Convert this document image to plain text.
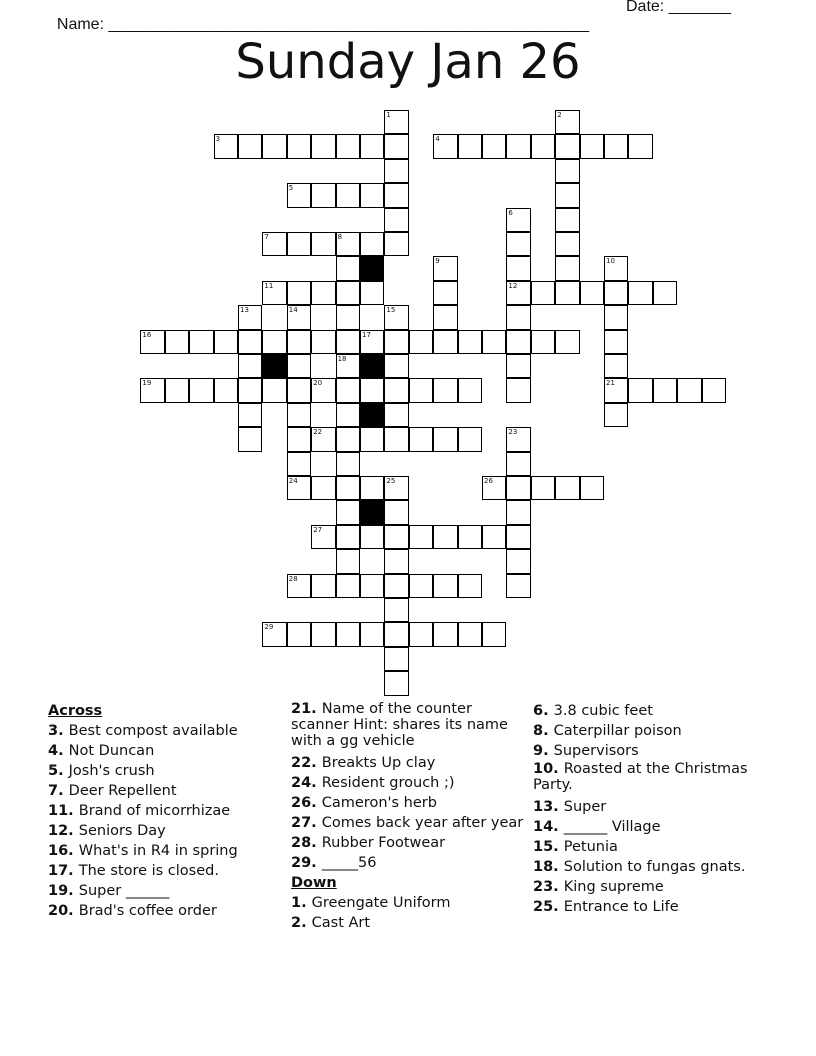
Name: ______________________________________________________

Date: _______

Sunday Jan 26
3	4
5
7	8
11	12
16	17
19	20	21
22
24	25	26
27
28
29
1	2
6
18
9	10
13	14	15
23
Across
3. Best compost available
4. Not Duncan
5. Josh's crush
7. Deer Repellent
11. Brand of micorrhizae
12. Seniors Day
16. What's in R4 in spring
17. The store is closed.
19. Super ______
20. Brad's coffee order
21. Name of the counter scanner Hint: shares its name with a gg vehicle
22. Breakts Up clay
24. Resident grouch ;)
26. Cameron's herb
27. Comes back year after year
28. Rubber Footwear
29. _____56
Down
1. Greengate Uniform
2. Cast Art
6. 3.8 cubic feet
8. Caterpillar poison
9. Supervisors
10. Roasted at the Christmas Party.
13. Super
14. ______ Village
15. Petunia
18. Solution to fungas gnats.
23. King supreme
25. Entrance to Life
